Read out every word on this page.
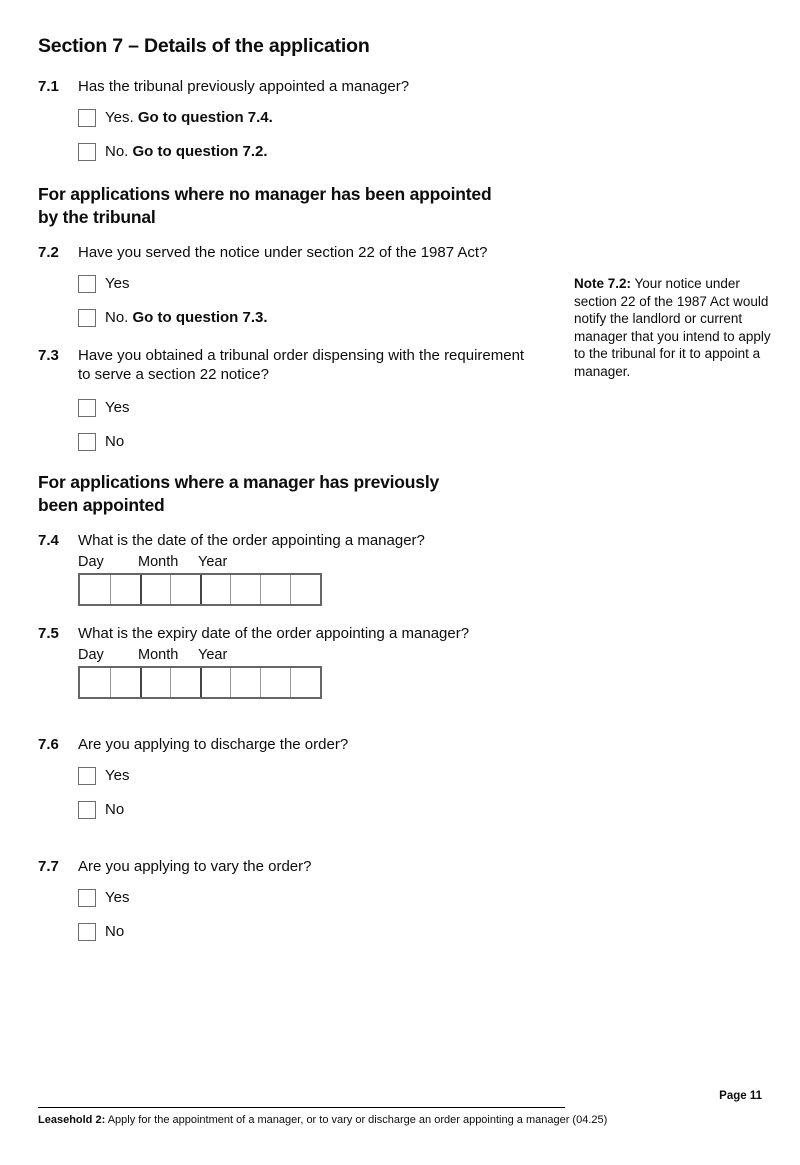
Section 7 – Details of the application
7.1	Has the tribunal previously appointed a manager?
Yes. Go to question 7.4.
No. Go to question 7.2.
For applications where no manager has been appointed
by the tribunal
7.2	Have you served the notice under section 22 of the 1987 Act?
Yes
No. Go to question 7.3.
7.3	Have you obtained a tribunal order dispensing with the requirement
to serve a section 22 notice?
Yes
No
For applications where a manager has previously
been appointed
7.4	What is the date of the order appointing a manager?
Day	Month	Year
7.5	What is the expiry date of the order appointing a manager?
Day	Month	Year
7.6	Are you applying to discharge the order?
Yes
No
7.7	Are you applying to vary the order?
Yes
No
Note 7.2: Your notice under section 22 of the 1987 Act would notify the landlord or current manager that you intend to apply to the tribunal for it to appoint a manager.
Page 11
Leasehold 2: Apply for the appointment of a manager, or to vary or discharge an order appointing a manager (04.25)
